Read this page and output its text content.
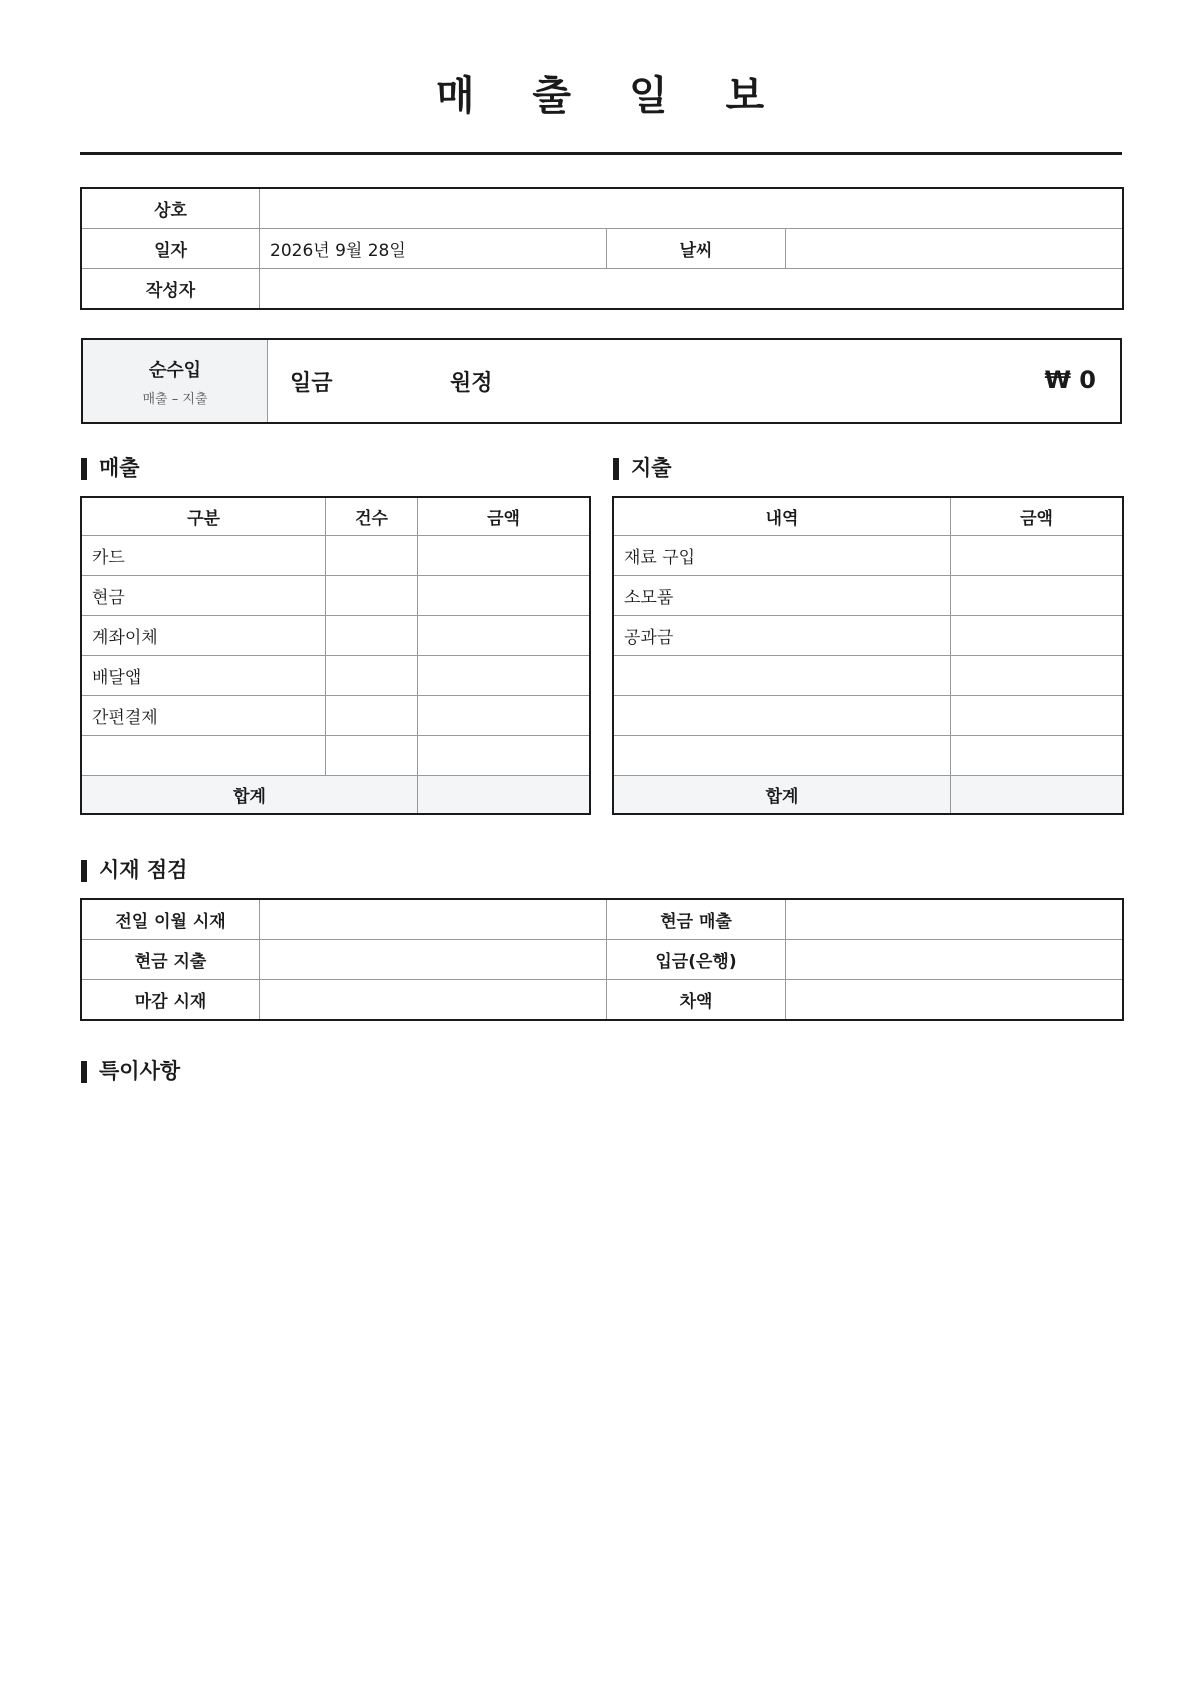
매 출 일 보
상호			
일자	2026년 9월 28일	날씨	
작성자			
순수입
매출 – 지출
일금	원정	₩ 0
매출	지출
구분	건수	금액
카드		
현금		
계좌이체		
배달앱		
간편결제		

합계		
내역	금액
재료 구입	
소모품	
공과금	

합계	
시재 점검
전일 이월 시재		현금 매출	
현금 지출		입금(은행)	
마감 시재		차액	
특이사항
